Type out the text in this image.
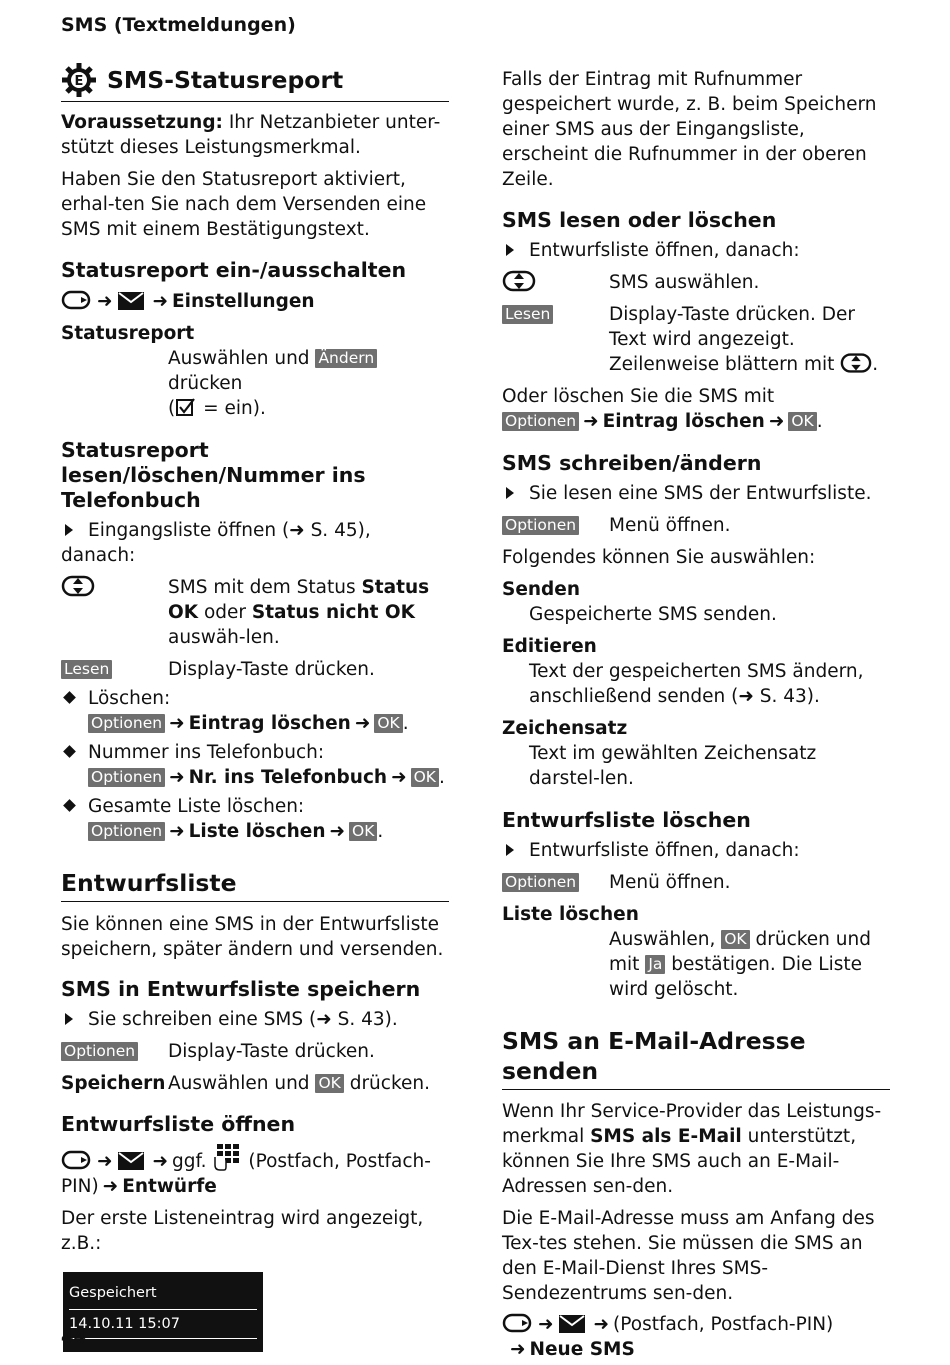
SMS (Textmeldungen)
E SMS-Statusreport

Voraussetzung: Ihr Netzanbieter unter-stützt dieses Leistungsmerkmal.

Haben Sie den Statusreport aktiviert, erhal-ten Sie nach dem Versenden eine SMS mit einem Bestätigungstext.

Statusreport ein-/ausschalten

➜ ➜ Einstellungen

Statusreport

Auswählen und Ändern drücken
( = ein).

Statusreport lesen/löschen/Nummer ins Telefonbuch

Eingangsliste öffnen (➜ S. 45), danach:

SMS mit dem Status Status OK oder Status nicht OK auswäh-len.
Lesen	Display-Taste drücken.

Löschen:

Optionen ➜ Eintrag löschen ➜ OK .

Nummer ins Telefonbuch:

Optionen ➜ Nr. ins Telefonbuch ➜ OK .

Gesamte Liste löschen:

Optionen ➜ Liste löschen ➜ OK .

Entwurfsliste

Sie können eine SMS in der Entwurfsliste speichern, später ändern und versenden.

SMS in Entwurfsliste speichern

Sie schreiben eine SMS (➜ S. 43).

Optionen	Display-Taste drücken.
Speichern Auswählen und OK drücken.
Entwurfsliste öffnen

➜ ➜ ggf. (Postfach, Postfach-PIN) ➜ Entwürfe

Der erste Listeneintrag wird angezeigt, z.B.:

Gespeichert
14.10.11 15:07

Falls der Eintrag mit Rufnummer gespeichert wurde, z. B. beim Speichern einer SMS aus der Eingangsliste, erscheint die Rufnummer in der oberen Zeile.

SMS lesen oder löschen

Entwurfsliste öffnen, danach:

SMS auswählen.
Lesen	Display-Taste drücken. Der Text wird angezeigt. Zeilenweise blättern mit .

Oder löschen Sie die SMS mit

Optionen ➜ Eintrag löschen ➜ OK .

SMS schreiben/ändern

Sie lesen eine SMS der Entwurfsliste.

Optionen	Menü öffnen.

Folgendes können Sie auswählen:

Senden

Gespeicherte SMS senden.

Editieren

Text der gespeicherten SMS ändern, anschließend senden (➜ S. 43).

Zeichensatz

Text im gewählten Zeichensatz darstel-len.

Entwurfsliste löschen

Entwurfsliste öffnen, danach:

Optionen	Menü öffnen.

Liste löschen

Auswählen, OK drücken und mit Ja bestätigen. Die Liste wird gelöscht.

SMS an E-Mail-Adresse senden

Wenn Ihr Service-Provider das Leistungs-merkmal SMS als E-Mail unterstützt, können Sie Ihre SMS auch an E-Mail-Adressen sen-den.

Die E-Mail-Adresse muss am Anfang des Tex-tes stehen. Sie müssen die SMS an den E-Mail-Dienst Ihres SMS-Sendezentrums sen-den.

➜ ➜ (Postfach, Postfach-PIN)
➜ Neue SMS

44
